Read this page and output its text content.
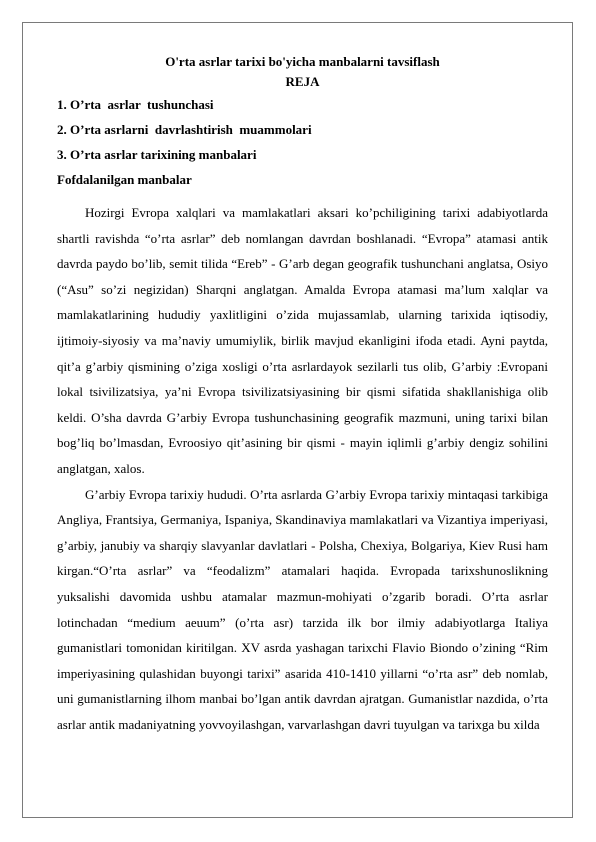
O'rta asrlar tarixi bo'yicha manbalarni tavsiflash

REJA

1. O’rta  asrlar  tushunchasi
2. O’rta asrlarni  davrlashtirish  muammolari
3. O’rta asrlar tarixining manbalari
Fofdalanilgan manbalar

Hozirgi Evropa xalqlari va mamlakatlari aksari ko’pchiligining tarixi adabiyotlarda shartli ravishda “o’rta asrlar” deb nomlangan davrdan boshlanadi. “Evropa” atamasi antik davrda paydo bo’lib, semit tilida “Ereb” - G’arb degan geografik tushunchani anglatsa, Osiyo (“Asu” so’zi negizidan) Sharqni anglatgan. Amalda Evropa atamasi ma’lum xalqlar va mamlakatlarining hududiy yaxlitligini o’zida mujassamlab, ularning tarixida iqtisodiy, ijtimoiy-siyosiy va ma’naviy umumiylik, birlik mavjud ekanligini ifoda etadi. Ayni paytda, qit’a g’arbiy qismining o’ziga xosligi o’rta asrlardayok sezilarli tus olib, G’arbiy :Evropani lokal tsivilizatsiya, ya’ni Evropa tsivilizatsiyasining bir qismi sifatida shakllanishiga olib keldi. O’sha davrda G’arbiy Evropa tushunchasining geografik mazmuni, uning tarixi bilan bog’liq bo’lmasdan, Evroosiyo qit’asining bir qismi - mayin iqlimli g’arbiy dengiz sohilini anglatgan, xalos.

G’arbiy Evropa tarixiy hududi. O’rta asrlarda G’arbiy Evropa tarixiy mintaqasi tarkibiga Angliya, Frantsiya, Germaniya, Ispaniya, Skandinaviya mamlakatlari va Vizantiya imperiyasi, g’arbiy, janubiy va sharqiy slavyanlar davlatlari - Polsha, Chexiya, Bolgariya, Kiev Rusi ham kirgan.“O’rta asrlar” va “feodalizm” atamalari haqida. Evropada tarixshunoslikning yuksalishi davomida ushbu atamalar mazmun-mohiyati o’zgarib boradi. O’rta asrlar lotinchadan “medium aeuum” (o’rta asr) tarzida ilk bor ilmiy adabiyotlarga Italiya gumanistlari tomonidan kiritilgan. XV asrda yashagan tarixchi Flavio Biondo o’zining “Rim imperiyasining qulashidan buyongi tarixi” asarida 410-1410 yillarni “o’rta asr” deb nomlab, uni gumanistlarning ilhom manbai bo’lgan antik davrdan ajratgan. Gumanistlar nazdida, o’rta asrlar antik madaniyatning yovvoyilashgan, varvarlashgan davri tuyulgan va tarixga bu xilda
